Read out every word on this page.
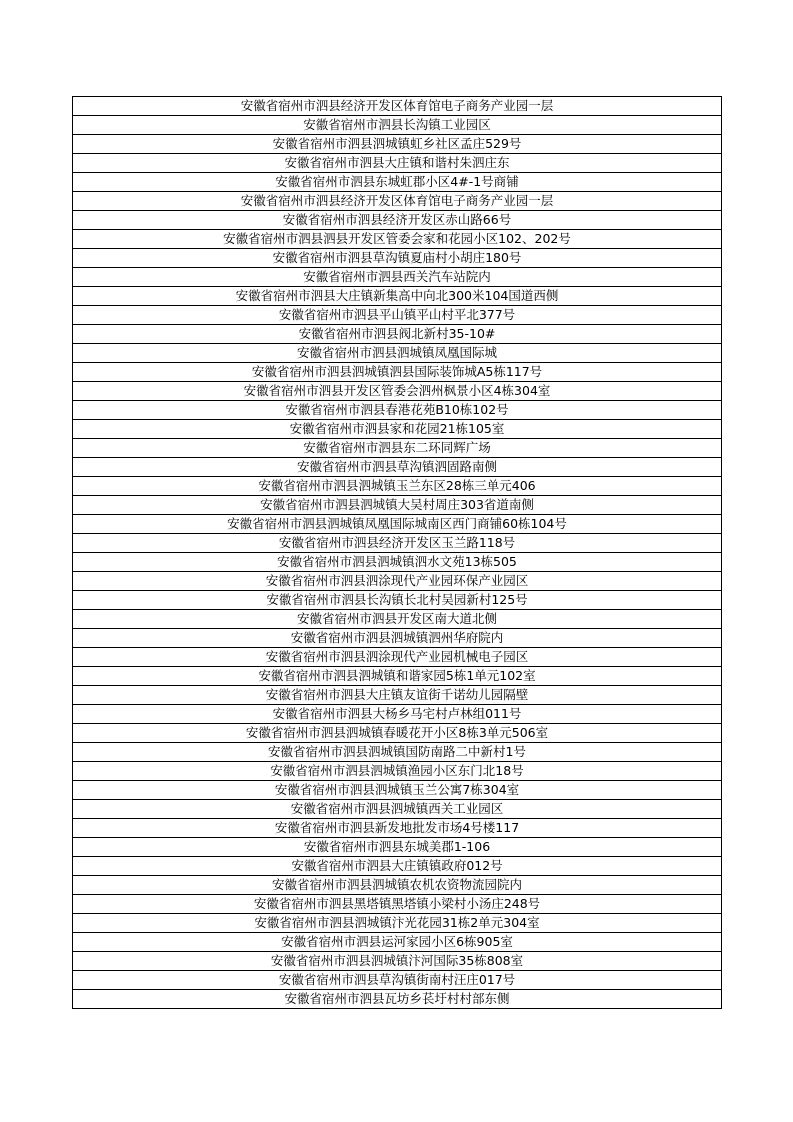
安徽省宿州市泗县经济开发区体育馆电子商务产业园一层
安徽省宿州市泗县长沟镇工业园区
安徽省宿州市泗县泗城镇虹乡社区孟庄529号
安徽省宿州市泗县大庄镇和谐村朱泗庄东
安徽省宿州市泗县东城虹郡小区4#-1号商铺
安徽省宿州市泗县经济开发区体育馆电子商务产业园一层
安徽省宿州市泗县经济开发区赤山路66号
安徽省宿州市泗县泗县开发区管委会家和花园小区102、202号
安徽省宿州市泗县草沟镇夏庙村小胡庄180号
安徽省宿州市泗县西关汽车站院内
安徽省宿州市泗县大庄镇新集高中向北300米104国道西侧
安徽省宿州市泗县平山镇平山村平北377号
安徽省宿州市泗县阀北新村35-10#
安徽省宿州市泗县泗城镇凤凰国际城
安徽省宿州市泗县泗城镇泗县国际装饰城A5栋117号
安徽省宿州市泗县开发区管委会泗州枫景小区4栋304室
安徽省宿州市泗县春港花苑B10栋102号
安徽省宿州市泗县家和花园21栋105室
安徽省宿州市泗县东二环同辉广场
安徽省宿州市泗县草沟镇泗固路南侧
安徽省宿州市泗县泗城镇玉兰东区28栋三单元406
安徽省宿州市泗县泗城镇大吴村周庄303省道南侧
安徽省宿州市泗县泗城镇凤凰国际城南区西门商铺60栋104号
安徽省宿州市泗县经济开发区玉兰路118号
安徽省宿州市泗县泗城镇泗水文苑13栋505
安徽省宿州市泗县泗涂现代产业园环保产业园区
安徽省宿州市泗县长沟镇长北村吴园新村125号
安徽省宿州市泗县开发区南大道北侧
安徽省宿州市泗县泗城镇泗州华府院内
安徽省宿州市泗县泗涂现代产业园机械电子园区
安徽省宿州市泗县泗城镇和谐家园5栋1单元102室
安徽省宿州市泗县大庄镇友谊街千诺幼儿园隔壁
安徽省宿州市泗县大杨乡马宅村卢林组011号
安徽省宿州市泗县泗城镇春暖花开小区8栋3单元506室
安徽省宿州市泗县泗城镇国防南路二中新村1号
安徽省宿州市泗县泗城镇渔园小区东门北18号
安徽省宿州市泗县泗城镇玉兰公寓7栋304室
安徽省宿州市泗县泗城镇西关工业园区
安徽省宿州市泗县新发地批发市场4号楼117
安徽省宿州市泗县东城美郡1-106
安徽省宿州市泗县大庄镇镇政府012号
安徽省宿州市泗县泗城镇农机农资物流园院内
安徽省宿州市泗县黑塔镇黑塔镇小梁村小汤庄248号
安徽省宿州市泗县泗城镇汴光花园31栋2单元304室
安徽省宿州市泗县运河家园小区6栋905室
安徽省宿州市泗县泗城镇汴河国际35栋808室
安徽省宿州市泗县草沟镇街南村汪庄017号
安徽省宿州市泗县瓦坊乡苌圩村村部东侧
